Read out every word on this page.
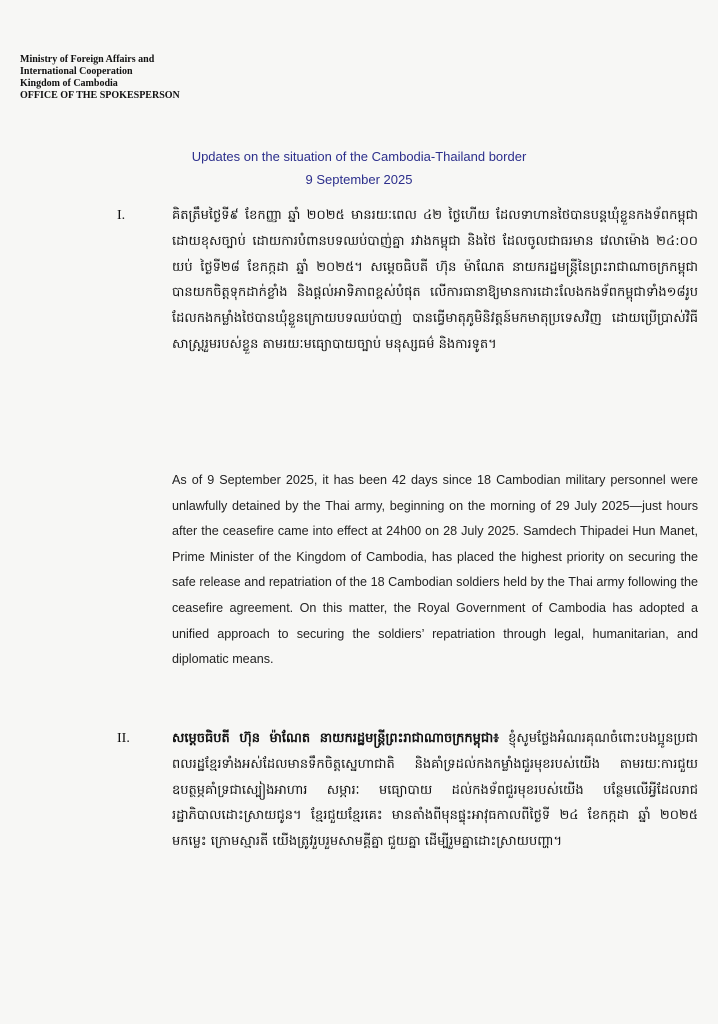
Ministry of Foreign Affairs and
International Cooperation
Kingdom of Cambodia
OFFICE OF THE SPOKESPERSON
Updates on the situation of the Cambodia-Thailand border
9 September 2025
I.	គិតត្រឹមថ្ងៃទី៩ ខែកញ្ញា ឆ្នាំ ២០២៥ មានរយៈពេល ៤២ ថ្ងៃហើយ ដែលទាហានថៃបានបន្តឃុំខ្លួនកងទ័ពកម្ពុជាដោយខុសច្បាប់ ដោយការបំពានបទឈប់បាញ់គ្នា រវាងកម្ពុជា និងថៃ ដែលចូលជាធរមាន វេលាម៉ោង ២៤:០០ យប់ ថ្ងៃទី២៨ ខែកក្កដា ឆ្នាំ ២០២៥។ សម្តេចធិបតី ហ៊ុន ម៉ាណែត នាយករដ្ឋមន្ត្រីនៃព្រះរាជាណាចក្រកម្ពុជា បានយកចិត្តទុកដាក់ខ្លាំង និងផ្តល់អាទិភាពខ្ពស់បំផុត លើការធានាឱ្យមានការដោះលែងកងទ័ពកម្ពុជាទាំង១៨រូប ដែលកងកម្លាំងថៃបានឃុំខ្លួនក្រោយបទឈប់បាញ់ បានធ្វើមាតុភូមិនិវត្តន៍មកមាតុប្រទេសវិញ ដោយប្រើប្រាស់វិធីសាស្ត្ររួមរបស់ខ្លួន តាមរយៈមធ្យោបាយច្បាប់ មនុស្សធម៌ និងការទូត។
As of 9 September 2025, it has been 42 days since 18 Cambodian military personnel were unlawfully detained by the Thai army, beginning on the morning of 29 July 2025—just hours after the ceasefire came into effect at 24h00 on 28 July 2025. Samdech Thipadei Hun Manet, Prime Minister of the Kingdom of Cambodia, has placed the highest priority on securing the safe release and repatriation of the 18 Cambodian soldiers held by the Thai army following the ceasefire agreement. On this matter, the Royal Government of Cambodia has adopted a unified approach to securing the soldiers’ repatriation through legal, humanitarian, and diplomatic means.
II.	សម្តេចធិបតី ហ៊ុន ម៉ាណែត នាយករដ្ឋមន្ត្រីព្រះរាជាណាចក្រកម្ពុជា៖ ខ្ញុំសូមថ្លែងអំណរគុណចំពោះបងប្អូនប្រជាពលរដ្ឋខ្មែរទាំងអស់ដែលមានទឹកចិត្តស្នេហាជាតិ និងគាំទ្រដល់កងកម្លាំងជួរមុខរបស់យើង តាមរយៈការជួយឧបត្ថម្ភគាំទ្រជាស្បៀងអាហារ សម្ភារៈ មធ្យោបាយ ដល់កងទ័ពជួរមុខរបស់យើង បន្ថែមលើអ្វីដែលរាជរដ្ឋាភិបាលដោះស្រាយជូន។ ខ្មែរជួយខ្មែរគេះ មានតាំងពីមុនផ្ទុះអាវុធកាលពីថ្ងៃទី ២៤ ខែកក្កដា ឆ្នាំ ២០២៥ មកម្លេះ ក្រោមស្មារតី យើងត្រូវរួបរួមសាមគ្គីគ្នា ជួយគ្នា ដើម្បីរួមគ្នាដោះស្រាយបញ្ហា។
